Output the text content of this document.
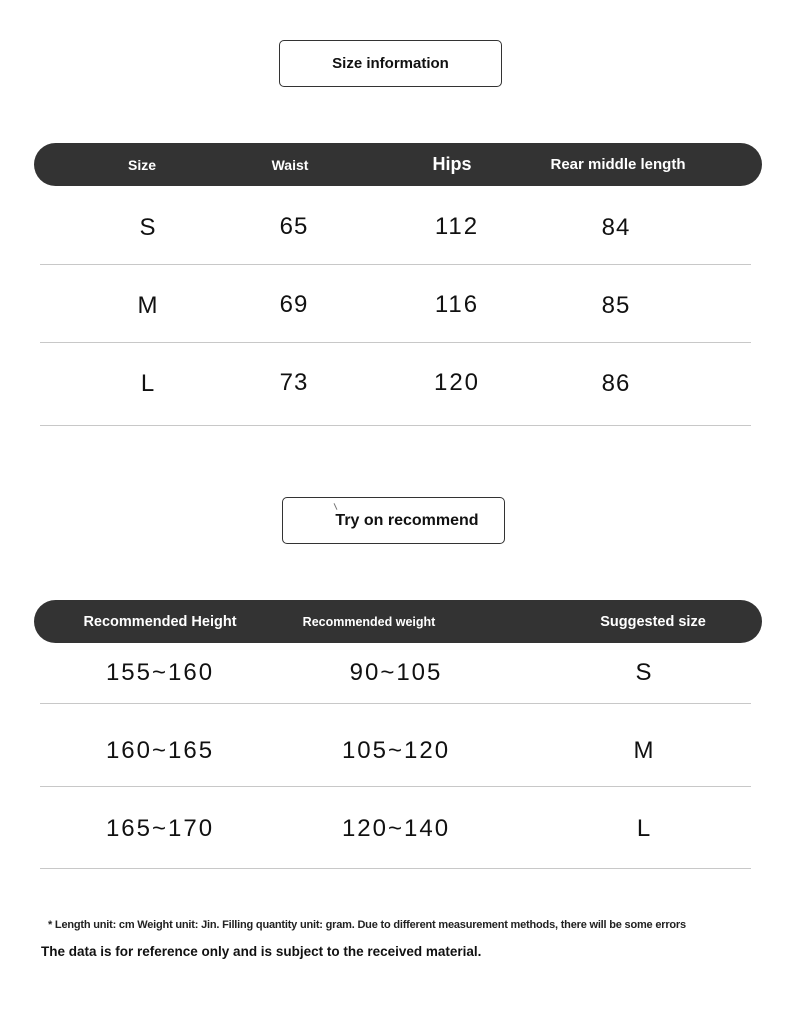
Size information
Size	Waist	Hips	Rear middle length
S	65	112	84
M	69	116	85
L	73	120	86
Try on recommend
Recommended Height	Recommended weight	Suggested size
155~160	90~105	S
160~165	105~120	M
165~170	120~140	L
* Length unit: cm Weight unit: Jin. Filling quantity unit: gram. Due to different measurement methods, there will be some errors
The data is for reference only and is subject to the received material.
